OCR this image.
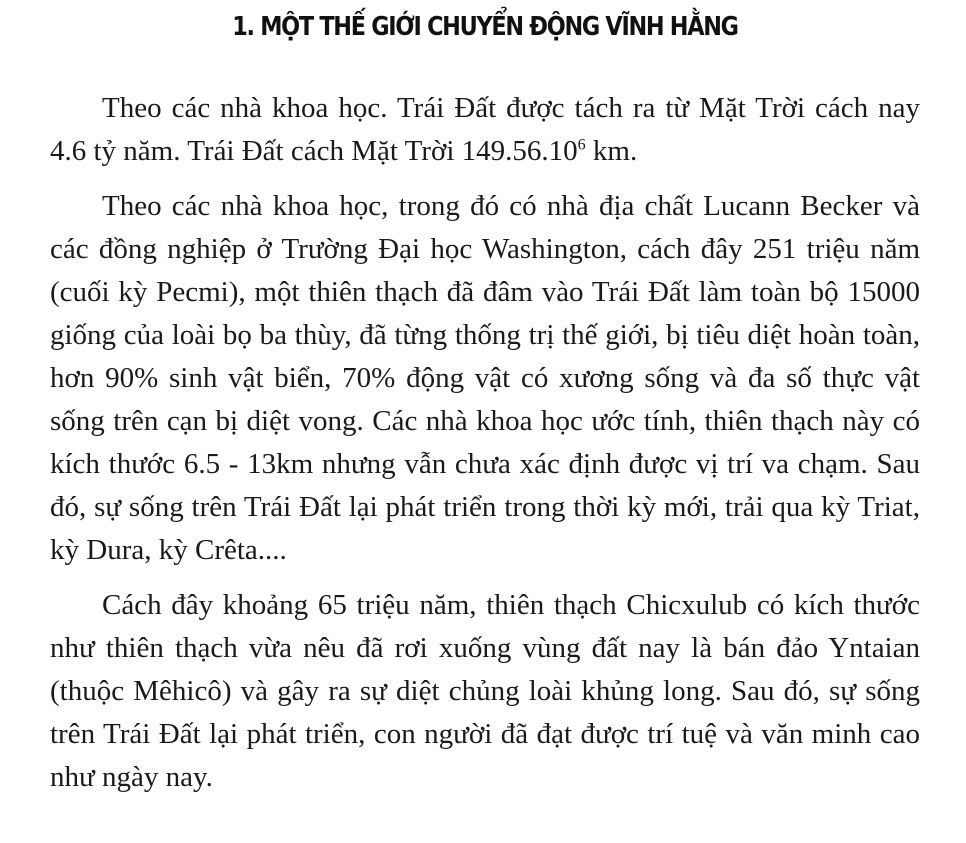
1. MỘT THẾ GIỚI CHUYỂN ĐỘNG VĨNH HẰNG

Theo các nhà khoa học. Trái Đất được tách ra từ Mặt Trời cách nay 4.6 tỷ năm. Trái Đất cách Mặt Trời 149.56.10$^6$ km.

Theo các nhà khoa học, trong đó có nhà địa chất Lucann Becker và các đồng nghiệp ở Trường Đại học Washington, cách đây 251 triệu năm (cuối kỳ Pecmi), một thiên thạch đã đâm vào Trái Đất làm toàn bộ 15000 giống của loài bọ ba thùy, đã từng thống trị thế giới, bị tiêu diệt hoàn toàn, hơn 90% sinh vật biển, 70% động vật có xương sống và đa số thực vật sống trên cạn bị diệt vong. Các nhà khoa học ước tính, thiên thạch này có kích thước 6.5 - 13km nhưng vẫn chưa xác định được vị trí va chạm. Sau đó, sự sống trên Trái Đất lại phát triển trong thời kỳ mới, trải qua kỳ Triat, kỳ Dura, kỳ Crêta....

Cách đây khoảng 65 triệu năm, thiên thạch Chicxulub có kích thước như thiên thạch vừa nêu đã rơi xuống vùng đất nay là bán đảo Yntaian (thuộc Mêhicô) và gây ra sự diệt chủng loài khủng long. Sau đó, sự sống trên Trái Đất lại phát triển, con người đã đạt được trí tuệ và văn minh cao như ngày nay.
